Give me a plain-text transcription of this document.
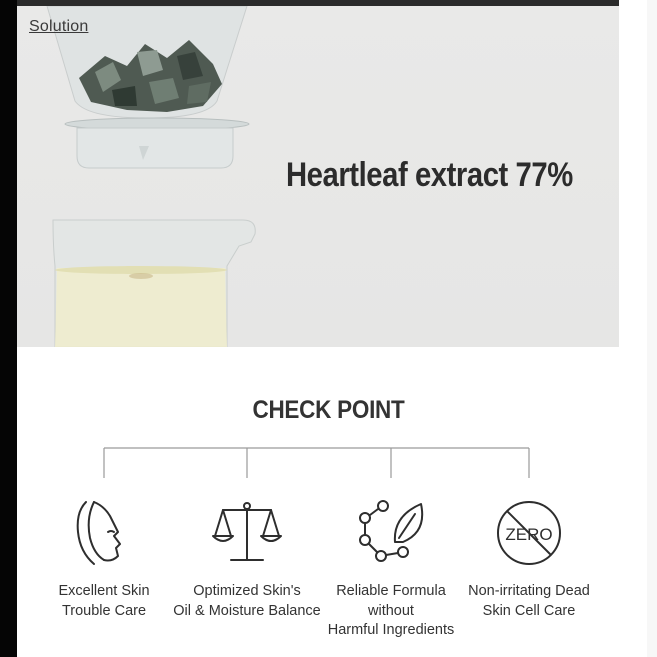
Solution
Heartleaf extract 77%
CHECK POINT
Excellent Skin
Trouble Care
Optimized Skin's
Oil & Moisture Balance
Reliable Formula
without
Harmful Ingredients
ZERO
Non-irritating Dead
Skin Cell Care
